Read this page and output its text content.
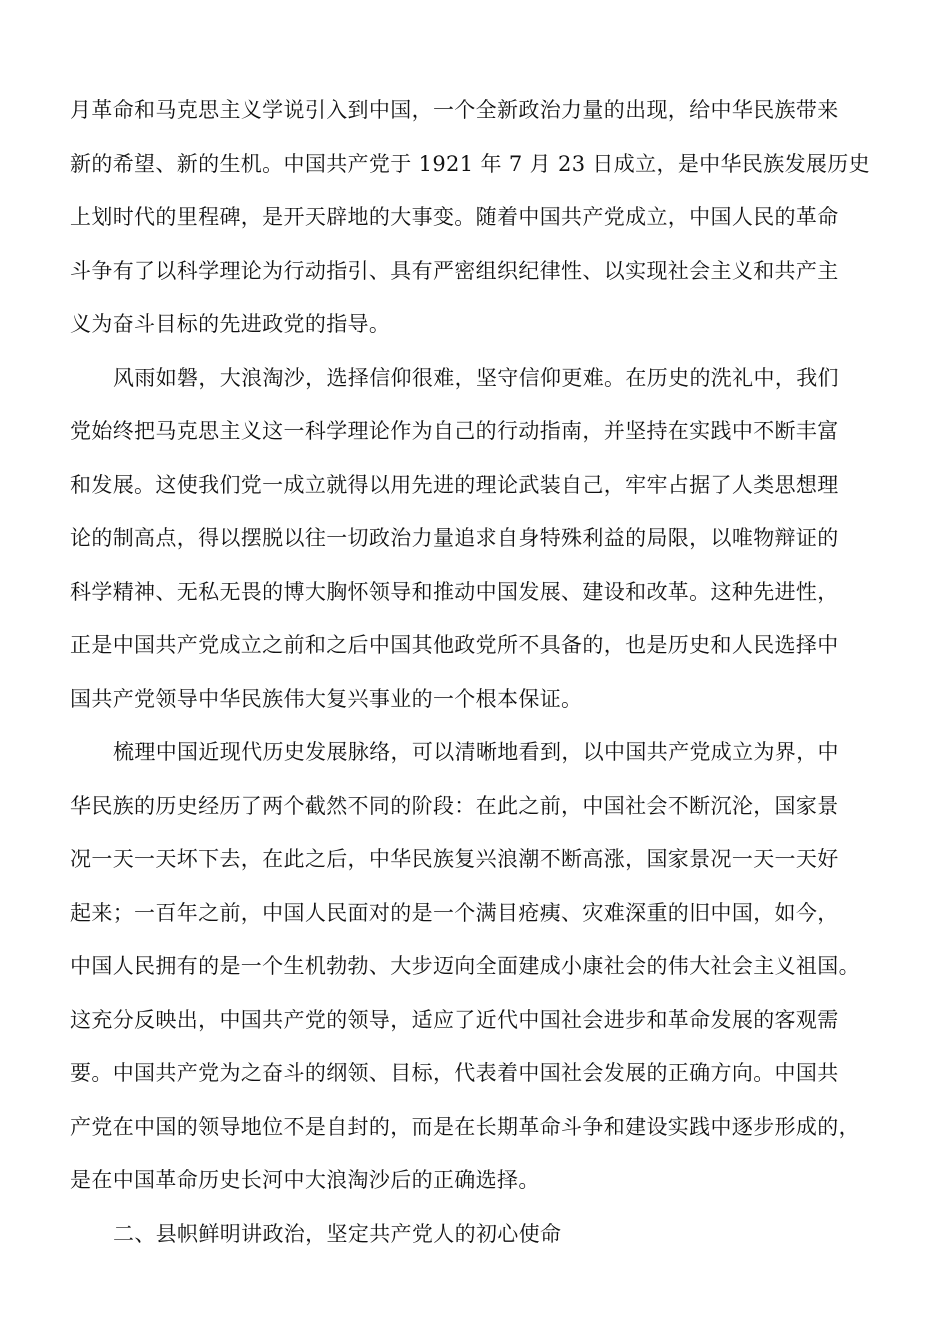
月革命和马克思主义学说引入到中国，一个全新政治力量的出现，给中华民族带来
新的希望、新的生机。中国共产党于 1921 年 7 月 23 日成立，是中华民族发展历史
上划时代的里程碑，是开天辟地的大事变。随着中国共产党成立，中国人民的革命
斗争有了以科学理论为行动指引、具有严密组织纪律性、以实现社会主义和共产主
义为奋斗目标的先进政党的指导。
风雨如磐，大浪淘沙，选择信仰很难，坚守信仰更难。在历史的洗礼中，我们
党始终把马克思主义这一科学理论作为自己的行动指南，并坚持在实践中不断丰富
和发展。这使我们党一成立就得以用先进的理论武装自己，牢牢占据了人类思想理
论的制高点，得以摆脱以往一切政治力量追求自身特殊利益的局限，以唯物辩证的
科学精神、无私无畏的博大胸怀领导和推动中国发展、建设和改革。这种先进性，
正是中国共产党成立之前和之后中国其他政党所不具备的，也是历史和人民选择中
国共产党领导中华民族伟大复兴事业的一个根本保证。
梳理中国近现代历史发展脉络，可以清晰地看到，以中国共产党成立为界，中
华民族的历史经历了两个截然不同的阶段：在此之前，中国社会不断沉沦，国家景
况一天一天坏下去，在此之后，中华民族复兴浪潮不断高涨，国家景况一天一天好
起来；一百年之前，中国人民面对的是一个满目疮痍、灾难深重的旧中国，如今，
中国人民拥有的是一个生机勃勃、大步迈向全面建成小康社会的伟大社会主义祖国。
这充分反映出，中国共产党的领导，适应了近代中国社会进步和革命发展的客观需
要。中国共产党为之奋斗的纲领、目标，代表着中国社会发展的正确方向。中国共
产党在中国的领导地位不是自封的，而是在长期革命斗争和建设实践中逐步形成的，
是在中国革命历史长河中大浪淘沙后的正确选择。
二、县帜鲜明讲政治，坚定共产党人的初心使命
